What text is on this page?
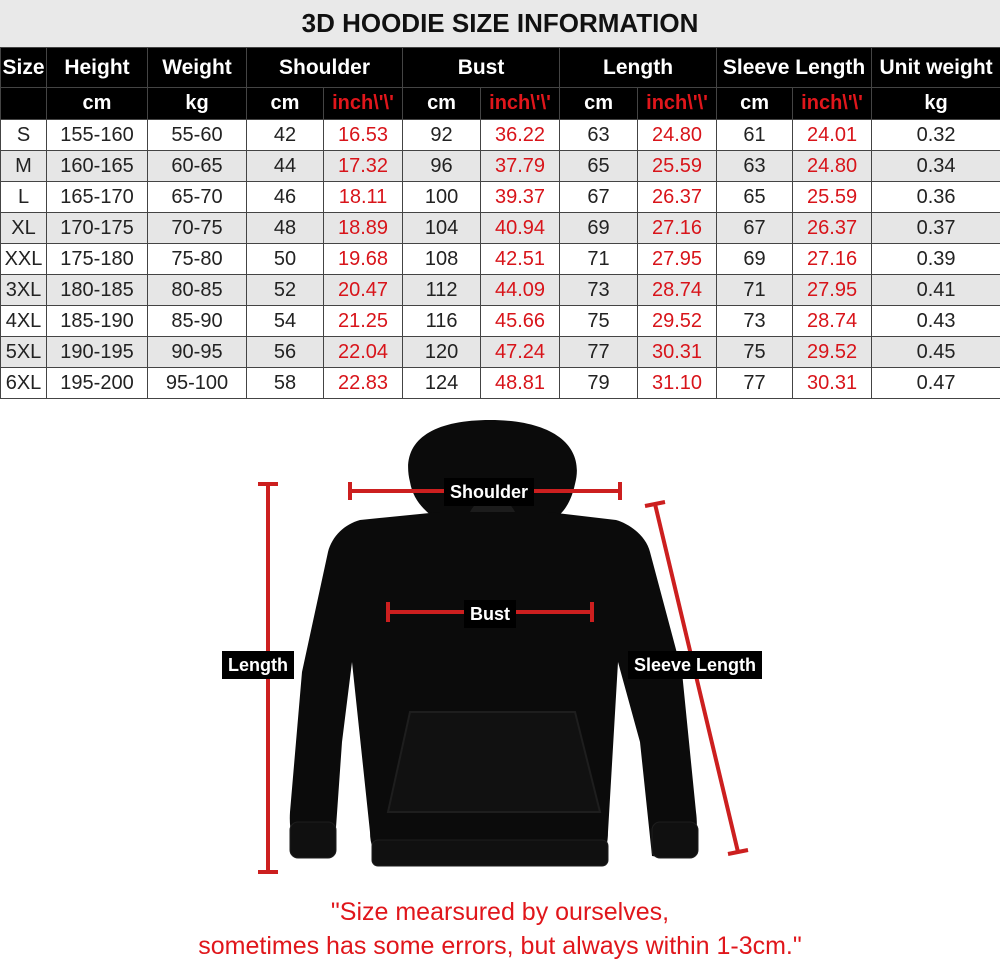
3D HOODIE SIZE INFORMATION
Size	Height	Weight	Shoulder		Bust		Length		Sleeve Length		Unit weight
	cm	kg	cm	inch\'\'	cm	inch\'\'	cm	inch\'\'	cm	inch\'\'	kg
S	155-160	55-60	42	16.53	92	36.22	63	24.80	61	24.01	0.32
M	160-165	60-65	44	17.32	96	37.79	65	25.59	63	24.80	0.34
L	165-170	65-70	46	18.11	100	39.37	67	26.37	65	25.59	0.36
XL	170-175	70-75	48	18.89	104	40.94	69	27.16	67	26.37	0.37
XXL	175-180	75-80	50	19.68	108	42.51	71	27.95	69	27.16	0.39
3XL	180-185	80-85	52	20.47	112	44.09	73	28.74	71	27.95	0.41
4XL	185-190	85-90	54	21.25	116	45.66	75	29.52	73	28.74	0.43
5XL	190-195	90-95	56	22.04	120	47.24	77	30.31	75	29.52	0.45
6XL	195-200	95-100	58	22.83	124	48.81	79	31.10	77	30.31	0.47
Shoulder
Bust
Length	Sleeve Length
"Size mearsured by ourselves,
sometimes has some errors, but always within 1-3cm."
